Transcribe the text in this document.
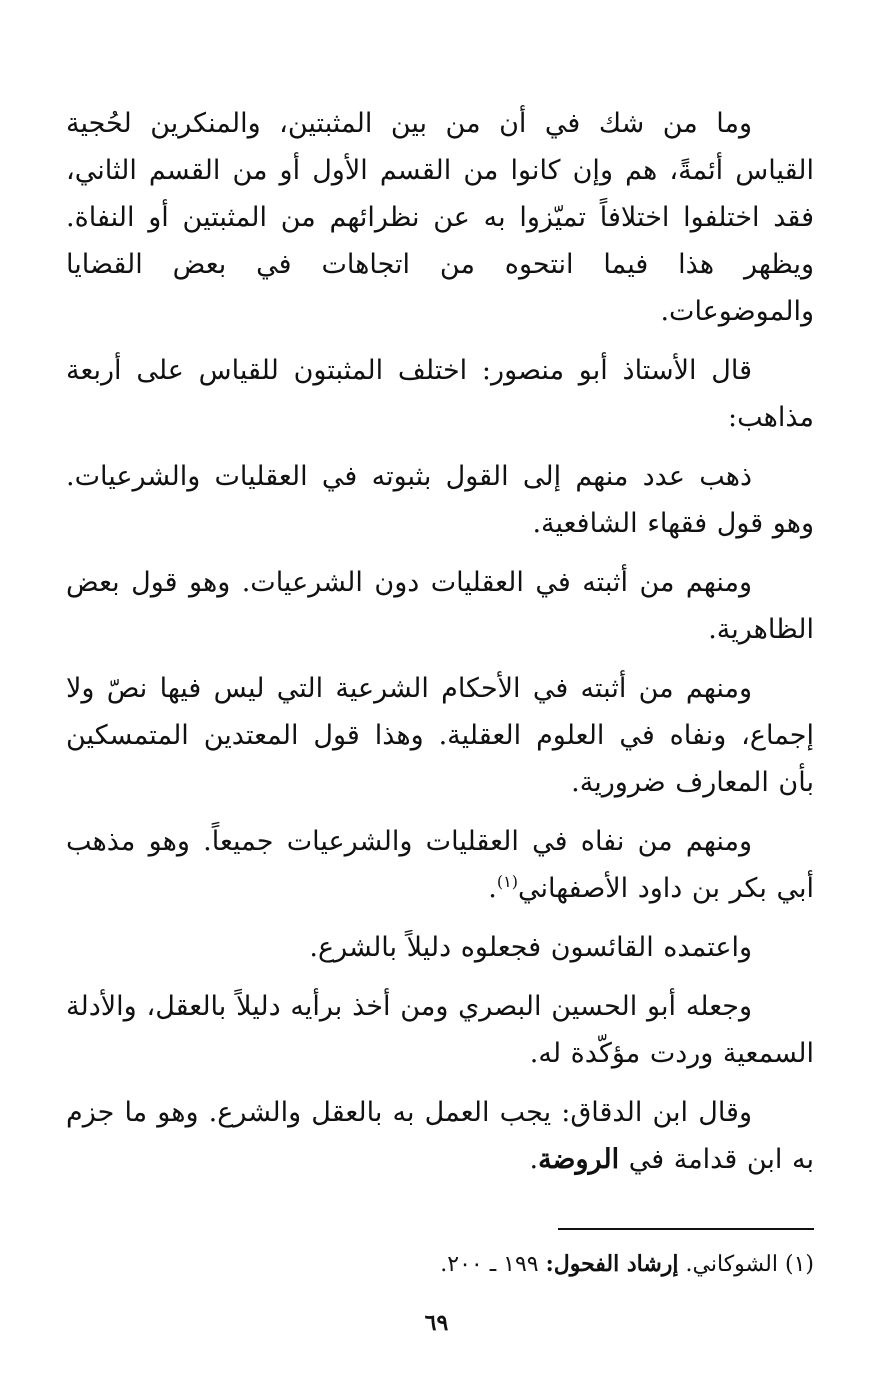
وما من شك في أن من بين المثبتين، والمنكرين لحُجية القياس أئمةً، هم وإن كانوا من القسم الأول أو من القسم الثاني، فقد اختلفوا اختلافاً تميّزوا به عن نظرائهم من المثبتين أو النفاة. ويظهر هذا فيما انتحوه من اتجاهات في بعض القضايا والموضوعات.

قال الأستاذ أبو منصور: اختلف المثبتون للقياس على أربعة مذاهب:

ذهب عدد منهم إلى القول بثبوته في العقليات والشرعيات. وهو قول فقهاء الشافعية.

ومنهم من أثبته في العقليات دون الشرعيات. وهو قول بعض الظاهرية.

ومنهم من أثبته في الأحكام الشرعية التي ليس فيها نصّ ولا إجماع، ونفاه في العلوم العقلية. وهذا قول المعتدين المتمسكين بأن المعارف ضرورية.

ومنهم من نفاه في العقليات والشرعيات جميعاً. وهو مذهب أبي بكر بن داود الأصفهاني$^{(١)}$.

واعتمده القائسون فجعلوه دليلاً بالشرع.

وجعله أبو الحسين البصري ومن أخذ برأيه دليلاً بالعقل، والأدلة السمعية وردت مؤكّدة له.

وقال ابن الدقاق: يجب العمل به بالعقل والشرع. وهو ما جزم به ابن قدامة في الروضة.

(١) الشوكاني. إرشاد الفحول: ١٩٩ ـ ٢٠٠.
٦٩
